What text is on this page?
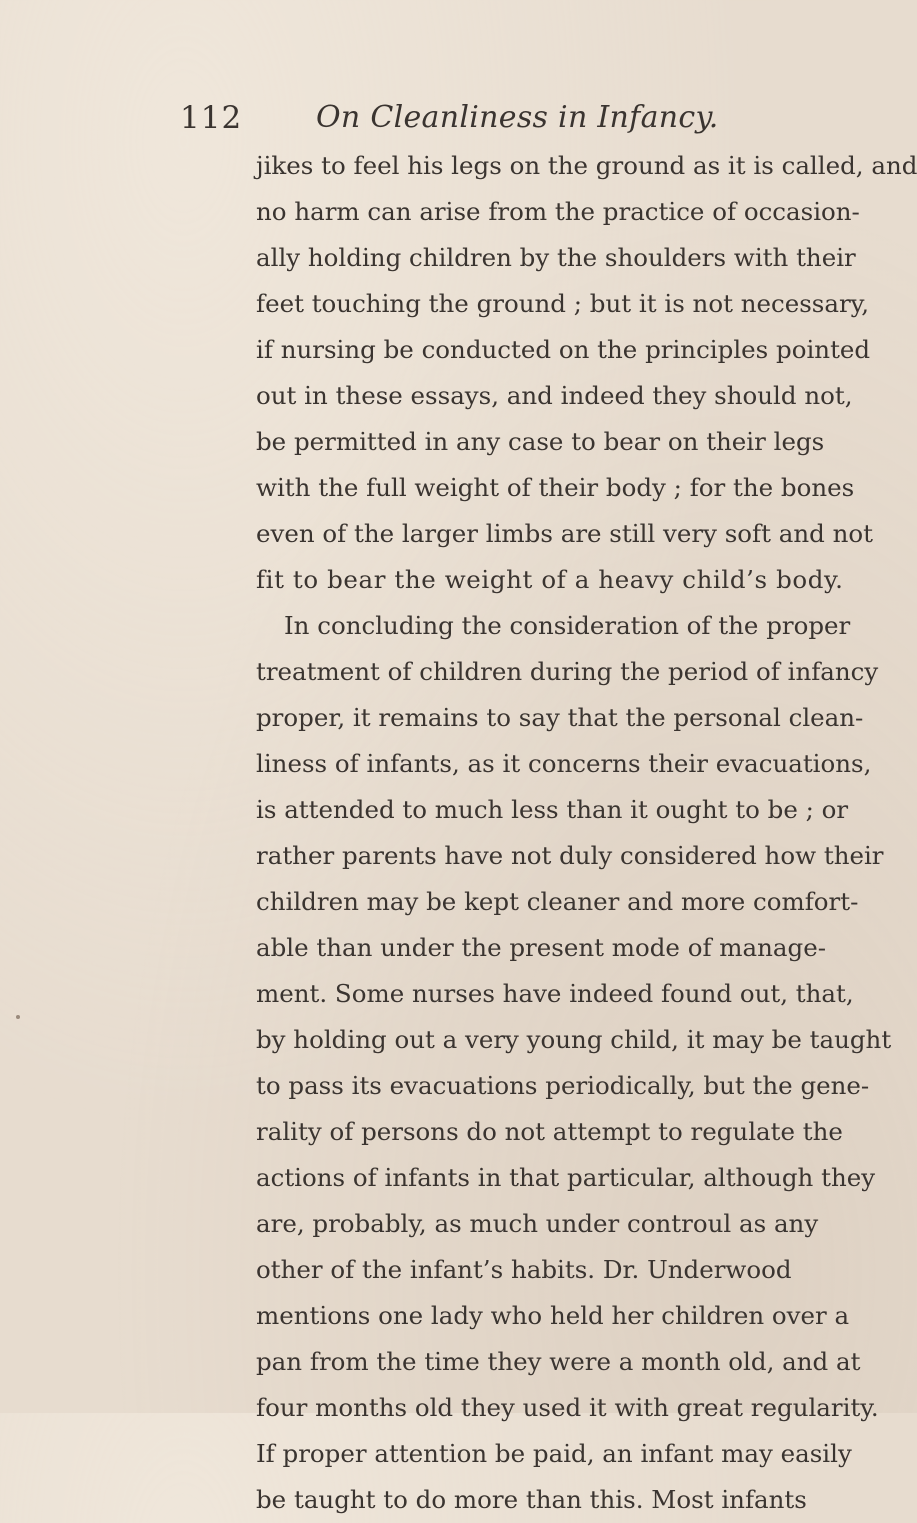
112 On Cleanliness in Infancy.
jikes to feel his legs on the ground as it is called, and
no harm can arise from the practice of occasion-
ally holding children by the shoulders with their
feet touching the ground ; but it is not necessary,
if nursing be conducted on the principles pointed
out in these essays, and indeed they should not,
be permitted in any case to bear on their legs
with the full weight of their body ; for the bones
even of the larger limbs are still very soft and not
fit to bear the weight of a heavy child’s body.
In concluding the consideration of the proper
treatment of children during the period of infancy
proper, it remains to say that the personal clean-
liness of infants, as it concerns their evacuations,
is attended to much less than it ought to be ; or
rather parents have not duly considered how their
children may be kept cleaner and more comfort-
able than under the present mode of manage-
ment. Some nurses have indeed found out, that,
by holding out a very young child, it may be taught
to pass its evacuations periodically, but the gene-
rality of persons do not attempt to regulate the
actions of infants in that particular, although they
are, probably, as much under controul as any
other of the infant’s habits. Dr. Underwood
mentions one lady who held her children over a
pan from the time they were a month old, and at
four months old they used it with great regularity.
If proper attention be paid, an infant may easily
be taught to do more than this. Most infants
